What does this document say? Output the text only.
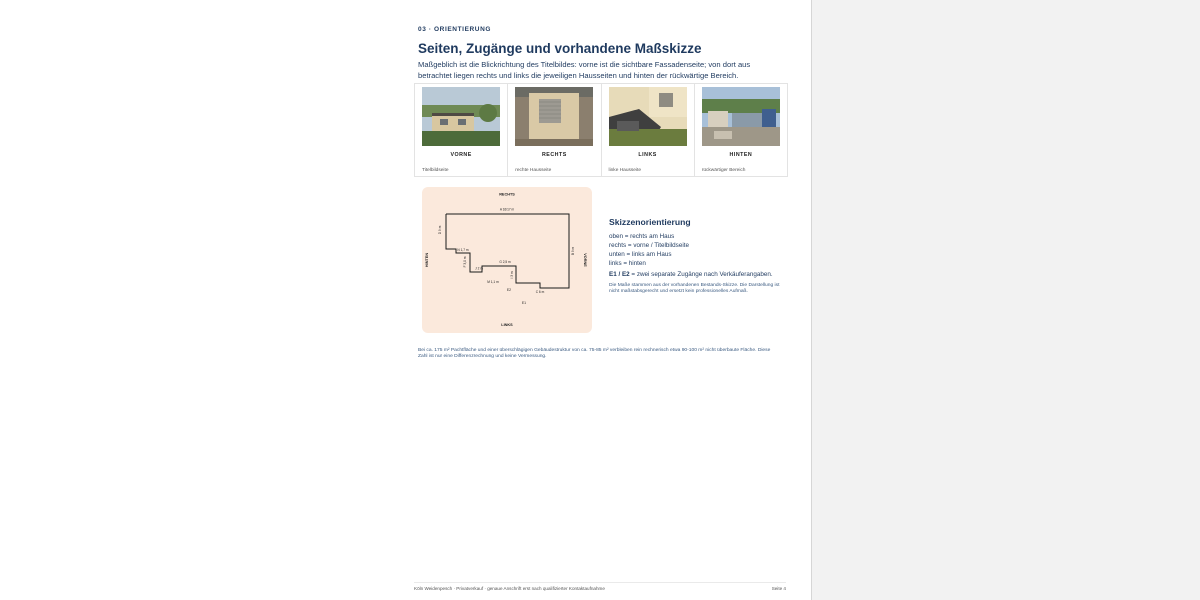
03 · ORIENTIERUNG
Seiten, Zugänge und vorhandene Maßskizze

Maßgeblich ist die Blickrichtung des Titelbildes: vorne ist die sichtbare Fassadenseite; von dort aus betrachtet liegen rechts und links die jeweiligen Hausseiten und hinten der rückwärtige Bereich.

VORNE
Titelbildseite
RECHTS
rechte Hausseite
LINKS
linke Hausseite
HINTEN
rückwärtiger Bereich
RECHTS
LINKS
HINTEN	VORNE
A 16/17 m
D 9 m
B 9 m
N 1,7 m
F 3,0 m
J 2 m
G 2,5 m
M 1,1 m
I 3 m
C 6 m
E1
E2
Skizzenorientierung
oben = rechts am Haus
rechts = vorne / Titelbildseite
unten = links am Haus
links = hinten
E1 / E2 = zwei separate Zugänge nach Verkäuferangaben.
Die Maße stammen aus der vorhandenen Bestands-Skizze. Die Darstellung ist nicht maßstabsgerecht und ersetzt kein professionelles Aufmaß.

Bei ca. 175 m² Pachtfläche und einer überschlägigen Gebäudestruktur von ca. 75-85 m² verbleiben rein rechnerisch etwa 90-100 m² nicht überbaute Fläche. Diese Zahl ist nur eine Differenzrechnung und keine Vermessung.

Köln Weidenpesch · Privatverkauf · genaue Anschrift erst nach qualifizierter Kontaktaufnahme	Seite 4
